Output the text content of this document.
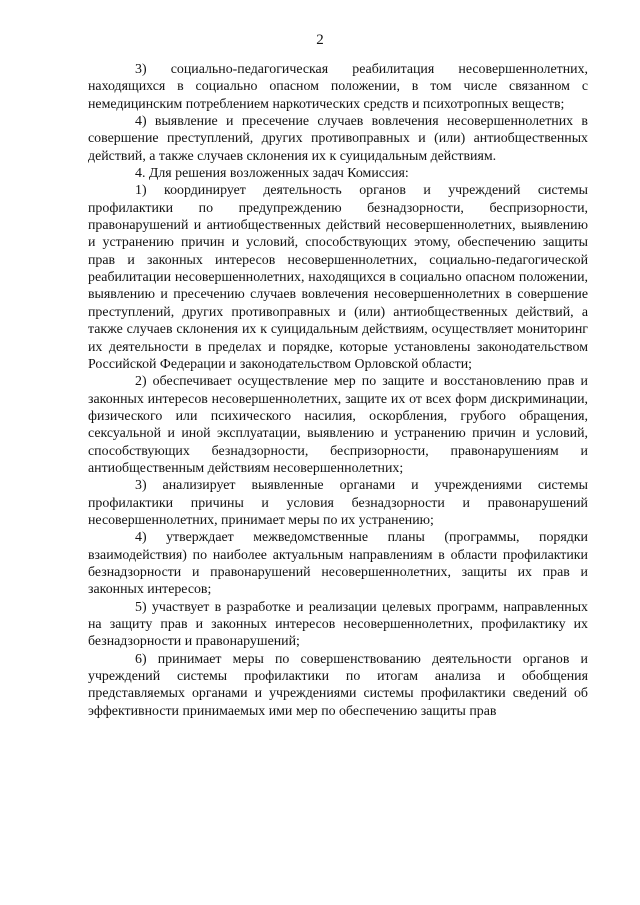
2

3) социально-педагогическая реабилитация несовершеннолетних, находящихся в социально опасном положении, в том числе связанном с немедицинским потреблением наркотических средств и психотропных веществ;

4) выявление и пресечение случаев вовлечения несовершеннолетних в совершение преступлений, других противоправных и (или) антиобщественных действий, а также случаев склонения их к суицидальным действиям.

4. Для решения возложенных задач Комиссия:

1) координирует деятельность органов и учреждений системы профилактики по предупреждению безнадзорности, беспризорности, правонарушений и антиобщественных действий несовершеннолетних, выявлению и устранению причин и условий, способствующих этому, обеспечению защиты прав и законных интересов несовершеннолетних, социально-педагогической реабилитации несовершеннолетних, находящихся в социально опасном положении, выявлению и пресечению случаев вовлечения несовершеннолетних в совершение преступлений, других противоправных и (или) антиобщественных действий, а также случаев склонения их к суицидальным действиям, осуществляет мониторинг их деятельности в пределах и порядке, которые установлены законодательством Российской Федерации и законодательством Орловской области;

2) обеспечивает осуществление мер по защите и восстановлению прав и законных интересов несовершеннолетних, защите их от всех форм дискриминации, физического или психического насилия, оскорбления, грубого обращения, сексуальной и иной эксплуатации, выявлению и устранению причин и условий, способствующих безнадзорности, беспризорности, правонарушениям и антиобщественным действиям несовершеннолетних;

3) анализирует выявленные органами и учреждениями системы профилактики причины и условия безнадзорности и правонарушений несовершеннолетних, принимает меры по их устранению;

4) утверждает межведомственные планы (программы, порядки взаимодействия) по наиболее актуальным направлениям в области профилактики безнадзорности и правонарушений несовершеннолетних, защиты их прав и законных интересов;

5) участвует в разработке и реализации целевых программ, направленных на защиту прав и законных интересов несовершеннолетних, профилактику их безнадзорности и правонарушений;

6) принимает меры по совершенствованию деятельности органов и учреждений системы профилактики по итогам анализа и обобщения представляемых органами и учреждениями системы профилактики сведений об эффективности принимаемых ими мер по обеспечению защиты прав
